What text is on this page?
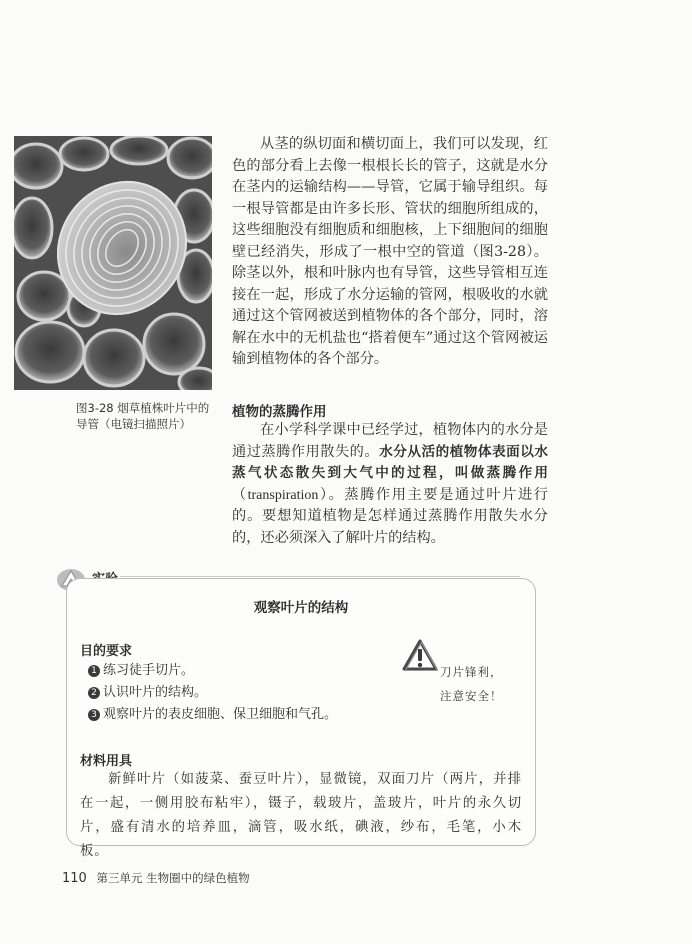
图3-28 烟草植株叶片中的
导管（电镜扫描照片）

从茎的纵切面和横切面上，我们可以发现，红色的部分看上去像一根根长长的管子，这就是水分在茎内的运输结构——导管，它属于输导组织。每一根导管都是由许多长形、管状的细胞所组成的，这些细胞没有细胞质和细胞核，上下细胞间的细胞壁已经消失，形成了一根中空的管道（图3-28）。除茎以外，根和叶脉内也有导管，这些导管相互连接在一起，形成了水分运输的管网，根吸收的水就通过这个管网被送到植物体的各个部分，同时，溶解在水中的无机盐也“搭着便车”通过这个管网被运输到植物体的各个部分。

植物的蒸腾作用

在小学科学课中已经学过，植物体内的水分是通过蒸腾作用散失的。水分从活的植物体表面以水蒸气状态散失到大气中的过程，叫做蒸腾作用（transpiration）。蒸腾作用主要是通过叶片进行的。要想知道植物是怎样通过蒸腾作用散失水分的，还必须深入了解叶片的结构。

观察叶片的结构
目的要求
1 练习徒手切片。
2 认识叶片的结构。
3 观察叶片的表皮细胞、保卫细胞和气孔。
刀片锋利，
注意安全！
材料用具

新鲜叶片（如菠菜、蚕豆叶片），显微镜，双面刀片（两片，并排在一起，一侧用胶布粘牢），镊子，载玻片，盖玻片，叶片的永久切片，盛有清水的培养皿，滴管，吸水纸，碘液，纱布，毛笔，小木板。

110 第三单元 生物圈中的绿色植物
